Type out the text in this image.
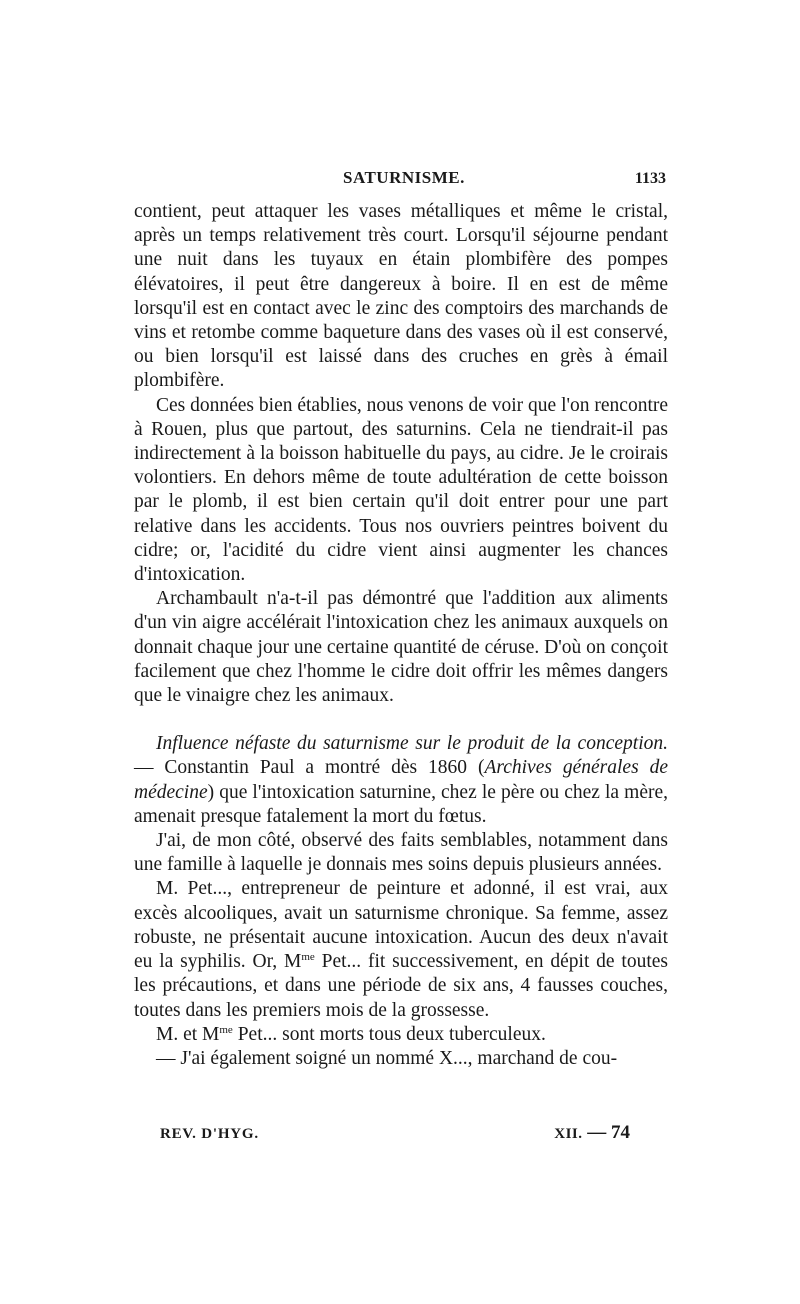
SATURNISME.	1133

contient, peut attaquer les vases métalliques et même le cristal, après un temps relativement très court. Lorsqu'il séjourne pendant une nuit dans les tuyaux en étain plombifère des pompes élévatoires, il peut être dangereux à boire. Il en est de même lorsqu'il est en contact avec le zinc des comptoirs des marchands de vins et retombe comme baqueture dans des vases où il est conservé, ou bien lorsqu'il est laissé dans des cruches en grès à émail plombifère.

Ces données bien établies, nous venons de voir que l'on rencontre à Rouen, plus que partout, des saturnins. Cela ne tiendrait-il pas indirectement à la boisson habituelle du pays, au cidre. Je le croirais volontiers. En dehors même de toute adultération de cette boisson par le plomb, il est bien certain qu'il doit entrer pour une part relative dans les accidents. Tous nos ouvriers peintres boivent du cidre; or, l'acidité du cidre vient ainsi augmenter les chances d'intoxication.

Archambault n'a-t-il pas démontré que l'addition aux aliments d'un vin aigre accélérait l'intoxication chez les animaux auxquels on donnait chaque jour une certaine quantité de céruse. D'où on conçoit facilement que chez l'homme le cidre doit offrir les mêmes dangers que le vinaigre chez les animaux.

Influence néfaste du saturnisme sur le produit de la conception.— Constantin Paul a montré dès 1860 (Archives générales de médecine) que l'intoxication saturnine, chez le père ou chez la mère, amenait presque fatalement la mort du fœtus.

J'ai, de mon côté, observé des faits semblables, notamment dans une famille à laquelle je donnais mes soins depuis plusieurs années.

M. Pet..., entrepreneur de peinture et adonné, il est vrai, aux excès alcooliques, avait un saturnisme chronique. Sa femme, assez robuste, ne présentait aucune intoxication. Aucun des deux n'avait eu la syphilis. Or, $M^{me}$ Pet... fit successivement, en dépit de toutes les précautions, et dans une période de six ans, 4 fausses couches, toutes dans les premiers mois de la grossesse.

M. et $M^{me}$ Pet... sont morts tous deux tuberculeux.

— J'ai également soigné un nommé X..., marchand de cou-

REV. D'HYG.	XII. — 74
